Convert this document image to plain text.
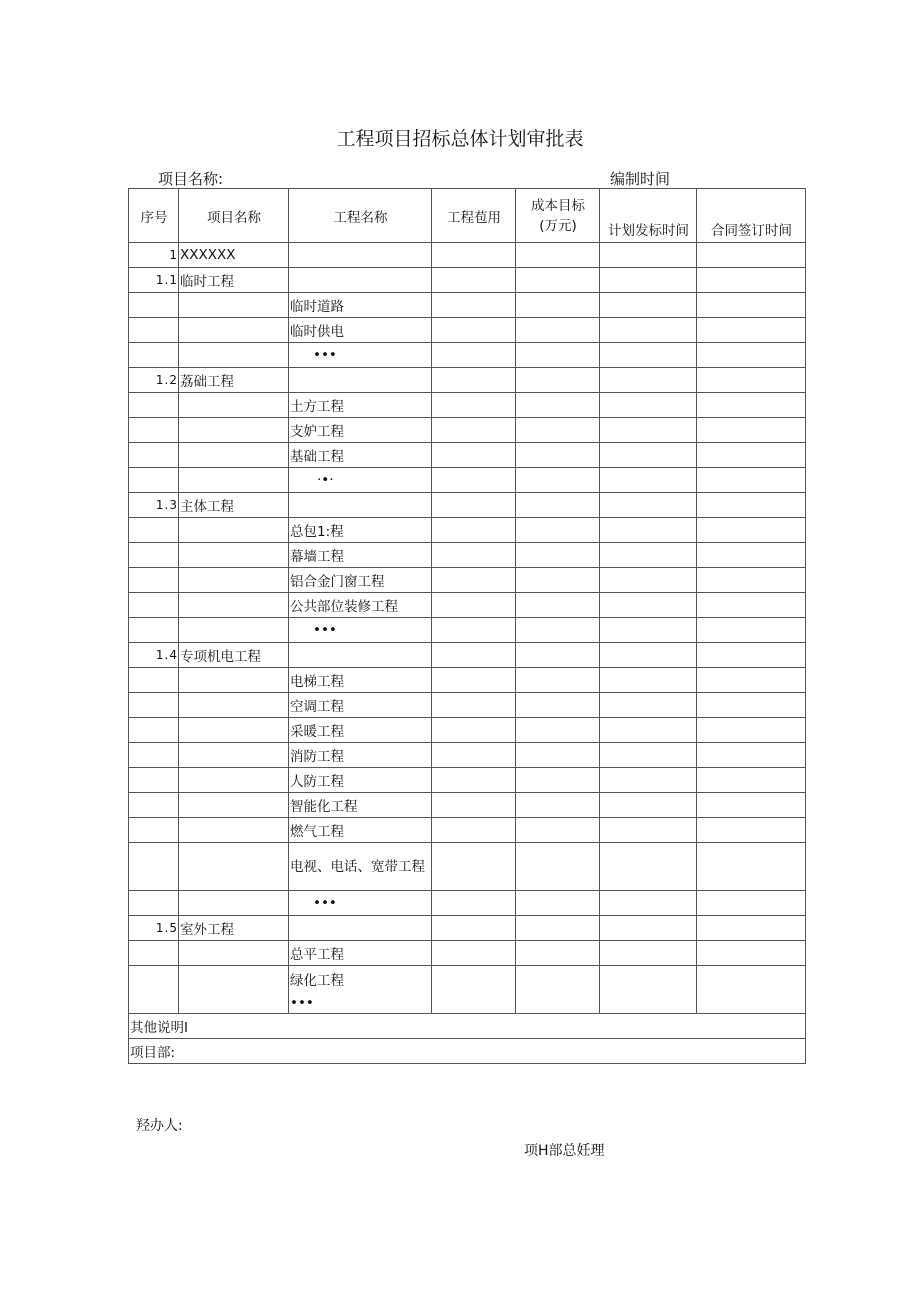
工程项目招标总体计划审批表
项目名称:	编制时间
序号	项目名称	工程名称	工程苞用	成本目标
(万元)	计划发标时间	合同签订时间
1	XXXXXX					
1.1	临时工程					
		临时道路				
		临时供电				
		•••				
1.2	荔础工程					
		土方工程				
		支妒工程				
		基础工程				
		·•·				
1.3	主体工程					
		总包1:程				
		幕墙工程				
		铝合金门窗工程				
		公共部位装修工程				
		•••				
1.4	专项机电工程					
		电梯工程				
		空调工程				
		采暖工程				
		消防工程				
		人防工程				
		智能化工程				
		燃气工程				

		电视、电话、宽带工程				

		•••				
1.5	室外工程					
		总平工程				

		绿化工程
•••				

其他说明I						
项目部:						
羟办人:
项H部总妊理
